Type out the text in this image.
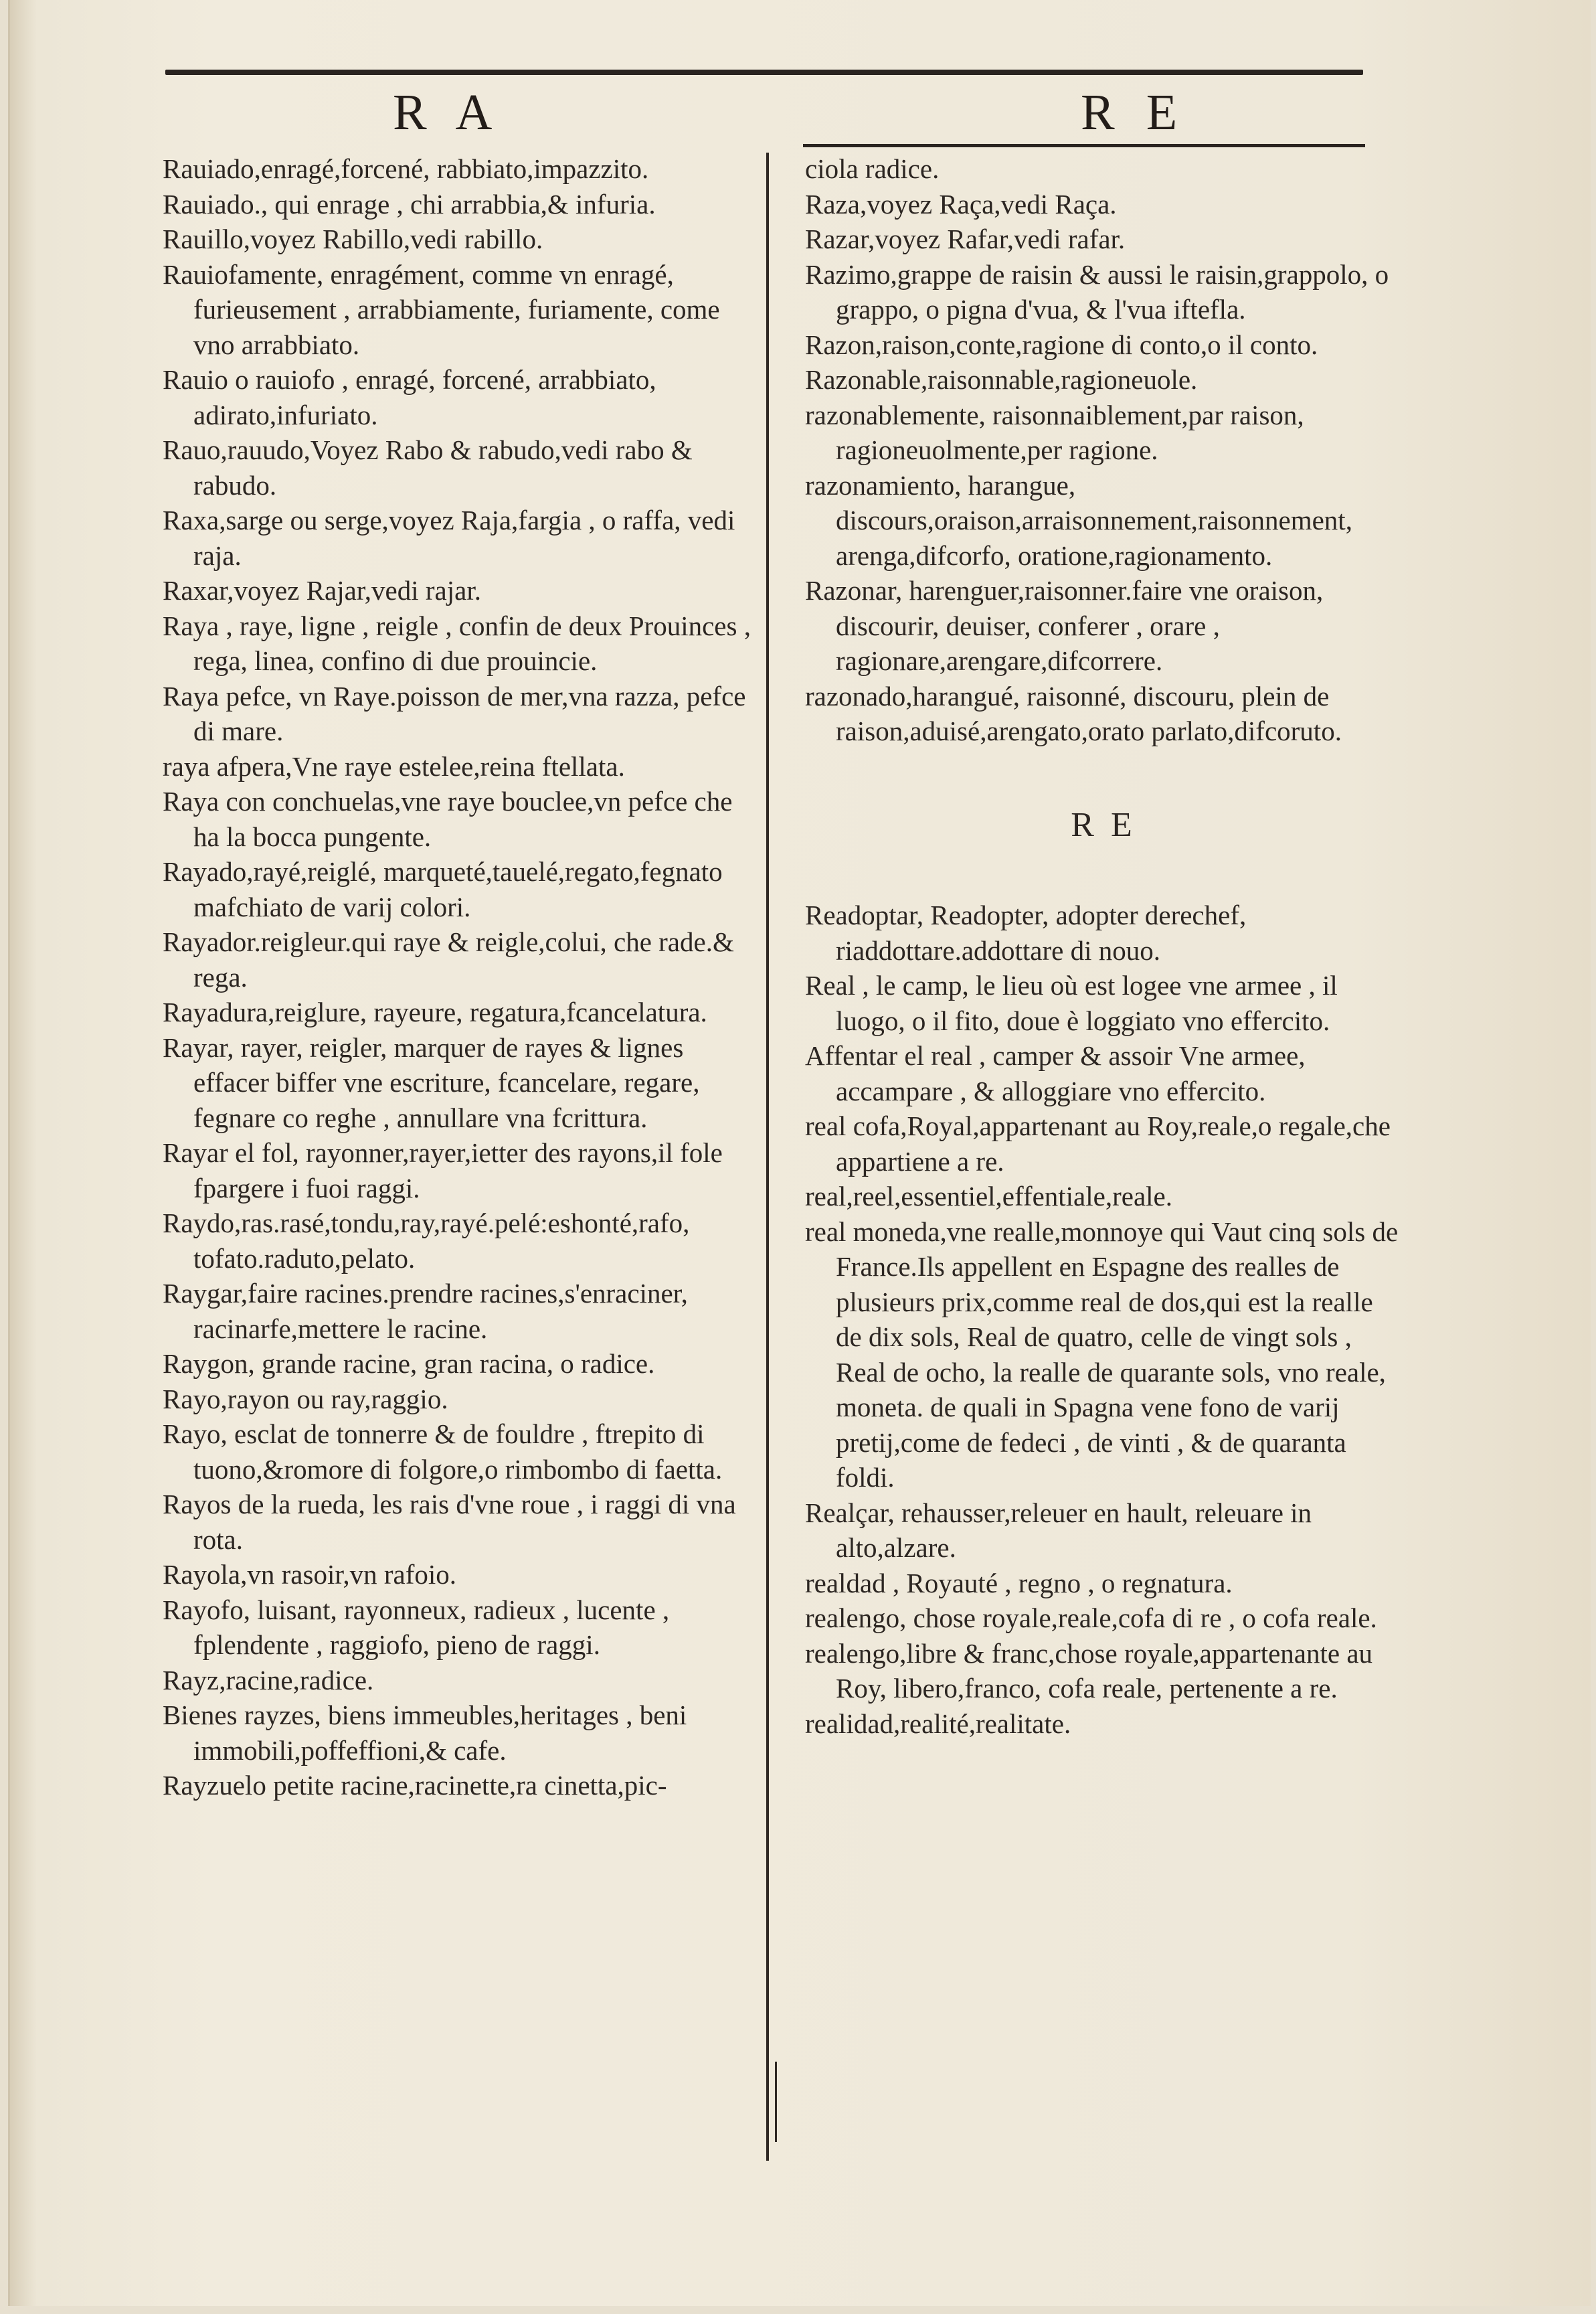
R A	R E

Rauiado,enragé,forcené, rabbiato,impazzito.

Rauiado., qui enrage , chi arrabbia,& infuria.

Rauillo,voyez Rabillo,vedi rabillo.

Rauiofamente, enragément, comme vn enragé, furieusement , arrabbiamente, furiamente, come vno arrabbiato.

Rauio o rauiofo , enragé, forcené, arrabbiato, adirato,infuriato.

Rauo,rauudo,Voyez Rabo & rabudo,vedi rabo & rabudo.

Raxa,sarge ou serge,voyez Raja,fargia , o raffa, vedi raja.

Raxar,voyez Rajar,vedi rajar.

Raya , raye, ligne , reigle , confin de deux Prouinces , rega, linea, confino di due prouincie.

Raya pefce, vn Raye.poisson de mer,vna razza, pefce di mare.

raya afpera,Vne raye estelee,reina ftellata.

Raya con conchuelas,vne raye bouclee,vn pefce che ha la bocca pungente.

Rayado,rayé,reiglé, marqueté,tauelé,regato,fegnato mafchiato de varij colori.

Rayador.reigleur.qui raye & reigle,colui, che rade.& rega.

Rayadura,reiglure, rayeure, regatura,fcancelatura.

Rayar, rayer, reigler, marquer de rayes & lignes effacer biffer vne escriture, fcancelare, regare, fegnare co reghe , annullare vna fcrittura.

Rayar el fol, rayonner,rayer,ietter des rayons,il fole fpargere i fuoi raggi.

Raydo,ras.rasé,tondu,ray,rayé.pelé:eshonté,rafo, tofato.raduto,pelato.

Raygar,faire racines.prendre racines,s'enraciner, racinarfe,mettere le racine.

Raygon, grande racine, gran racina, o radice.

Rayo,rayon ou ray,raggio.

Rayo, esclat de tonnerre & de fouldre , ftrepito di tuono,&romore di folgore,o rimbombo di faetta.

Rayos de la rueda, les rais d'vne roue , i raggi di vna rota.

Rayola,vn rasoir,vn rafoio.

Rayofo, luisant, rayonneux, radieux , lucente , fplendente , raggiofo, pieno de raggi.

Rayz,racine,radice.

Bienes rayzes, biens immeubles,heritages , beni immobili,poffeffioni,& cafe.

Rayzuelo petite racine,racinette,ra cinetta,pic-

ciola radice.

Raza,voyez Raça,vedi Raça.

Razar,voyez Rafar,vedi rafar.

Razimo,grappe de raisin & aussi le raisin,grappolo, o grappo, o pigna d'vua, & l'vua iftefla.

Razon,raison,conte,ragione di conto,o il conto.

Razonable,raisonnable,ragioneuole.

razonablemente, raisonnaiblement,par raison, ragioneuolmente,per ragione.

razonamiento, harangue, discours,oraison,arraisonnement,raisonnement, arenga,difcorfo, oratione,ragionamento.

Razonar, harenguer,raisonner.faire vne oraison, discourir, deuiser, conferer , orare , ragionare,arengare,difcorrere.

razonado,harangué, raisonné, discouru, plein de raison,aduisé,arengato,orato parlato,difcoruto.

R E

Readoptar, Readopter, adopter derechef, riaddottare.addottare di nouo.

Real , le camp, le lieu où est logee vne armee , il luogo, o il fito, doue è loggiato vno effercito.

Affentar el real , camper & assoir Vne armee, accampare , & alloggiare vno effercito.

real cofa,Royal,appartenant au Roy,reale,o regale,che appartiene a re.

real,reel,essentiel,effentiale,reale.

real moneda,vne realle,monnoye qui Vaut cinq sols de France.Ils appellent en Espagne des realles de plusieurs prix,comme real de dos,qui est la realle de dix sols, Real de quatro, celle de vingt sols , Real de ocho, la realle de quarante sols, vno reale, moneta. de quali in Spagna vene fono de varij pretij,come de fedeci , de vinti , & de quaranta foldi.

Realçar, rehausser,releuer en hault, releuare in alto,alzare.

realdad , Royauté , regno , o regnatura.

realengo, chose royale,reale,cofa di re , o cofa reale.

realengo,libre & franc,chose royale,appartenante au Roy, libero,franco, cofa reale, pertenente a re.

realidad,realité,realitate.
